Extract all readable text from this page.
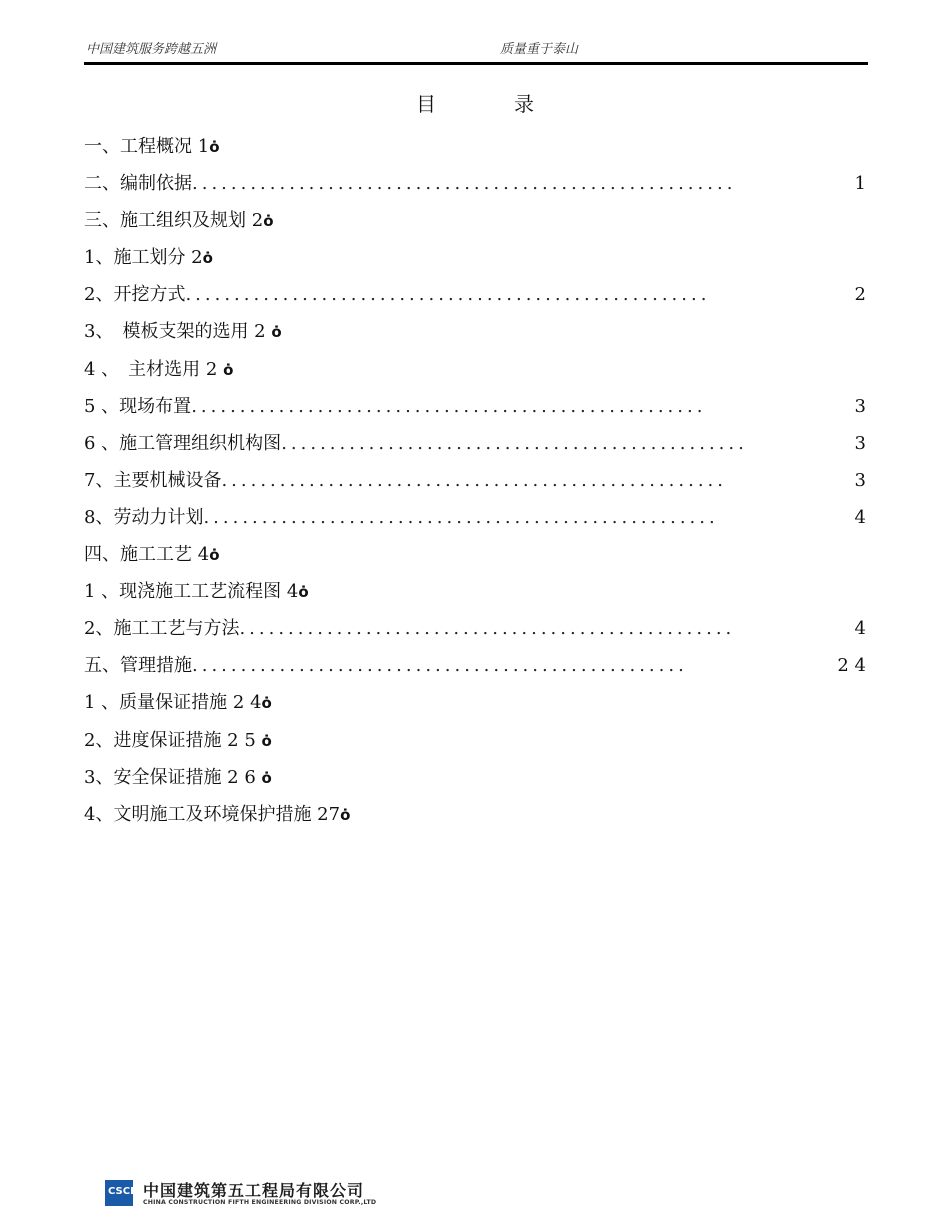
中国建筑服务跨越五洲	质量重于泰山
目	录
一、工程概况 1ȯ
二、编制依据 ........................................................	1
三、施工组织及规划 2ȯ
1、施工划分 2ȯ
2、开挖方式 ......................................................	2
3、　模板支架的选用 2 ȯ
4 、　主材选用 2 ȯ
5 、现场布置 .....................................................	3
6 、施工管理组织机构图 ................................................	3
7、主要机械设备 ....................................................	3
8、劳动力计划 .....................................................	4
四、施工工艺 4ȯ
1 、现浇施工工艺流程图 4ȯ
2、施工工艺与方法 ...................................................	4
五、管理措施 ...................................................	2 4
1 、质量保证措施 2 4ȯ
2、进度保证措施 2 5 ȯ
3、安全保证措施 2 6 ȯ
4、文明施工及环境保护措施 27ȯ
CSCEC
中国建筑第五工程局有限公司
CHINA CONSTRUCTION FIFTH ENGINEERING DIVISION CORP.,LTD
